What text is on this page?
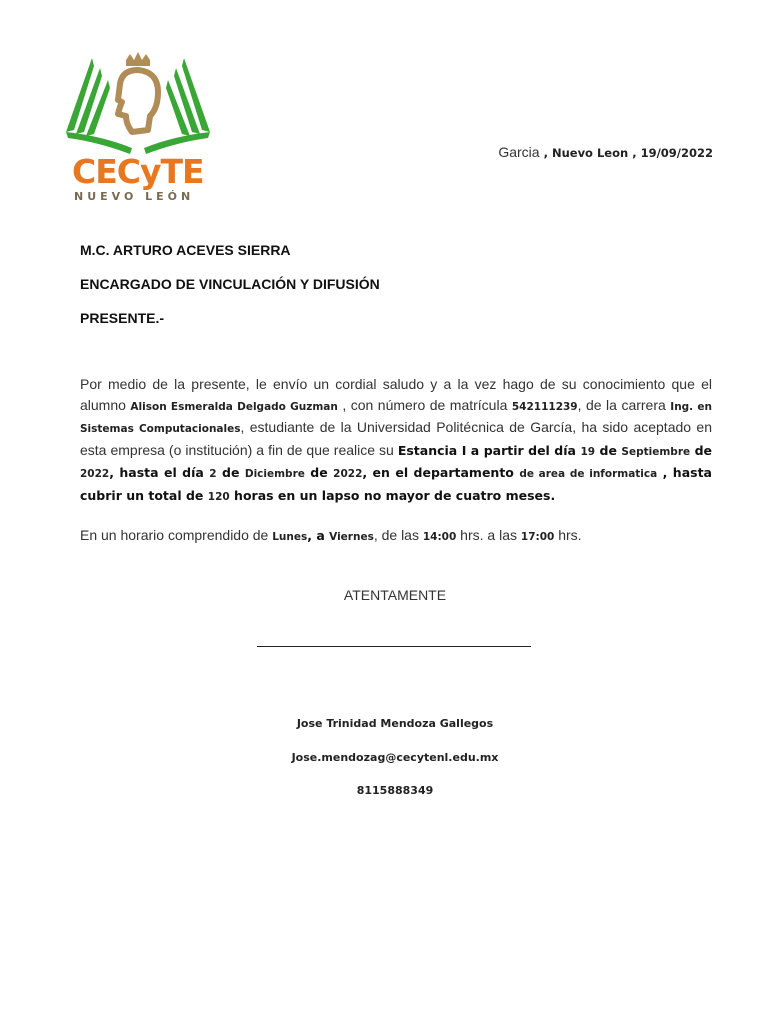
CECyTE
NUEVO LEÓN
Garcia , Nuevo Leon , 19/09/2022
M.C. ARTURO ACEVES SIERRA
ENCARGADO DE VINCULACIÓN Y DIFUSIÓN
PRESENTE.-
Por medio de la presente, le envío un cordial saludo y a la vez hago de su conocimiento que el alumno Alison Esmeralda Delgado Guzman , con número de matrícula 542111239, de la carrera Ing. en Sistemas Computacionales, estudiante de la Universidad Politécnica de García, ha sido aceptado en esta empresa (o institución) a fin de que realice su Estancia I a partir del día 19 de Septiembre de 2022, hasta el día 2 de Diciembre de 2022, en el departamento de area de informatica , hasta cubrir un total de 120 horas en un lapso no mayor de cuatro meses.
En un horario comprendido de Lunes, a Viernes, de las 14:00 hrs. a las 17:00 hrs.
ATENTAMENTE
Jose Trinidad Mendoza Gallegos
Jose.mendozag@cecytenl.edu.mx
8115888349
